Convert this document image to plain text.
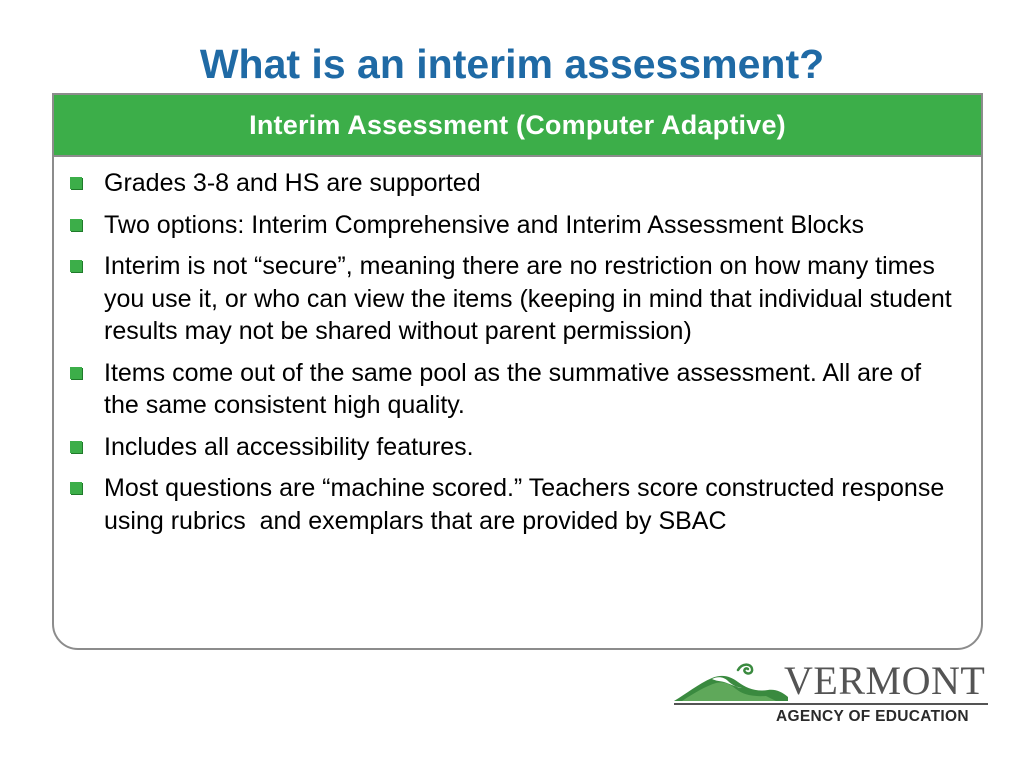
What is an interim assessment?
Interim Assessment (Computer Adaptive)
Grades 3-8 and HS are supported
Two options: Interim Comprehensive and Interim Assessment Blocks
Interim is not “secure”, meaning there are no restriction on how many times you use it, or who can view the items (keeping in mind that individual student results may not be shared without parent permission)
Items come out of the same pool as the summative assessment. All are of the same consistent high quality.
Includes all accessibility features.
Most questions are “machine scored.” Teachers score constructed response using rubrics  and exemplars that are provided by SBAC
VERMONT
AGENCY OF EDUCATION
